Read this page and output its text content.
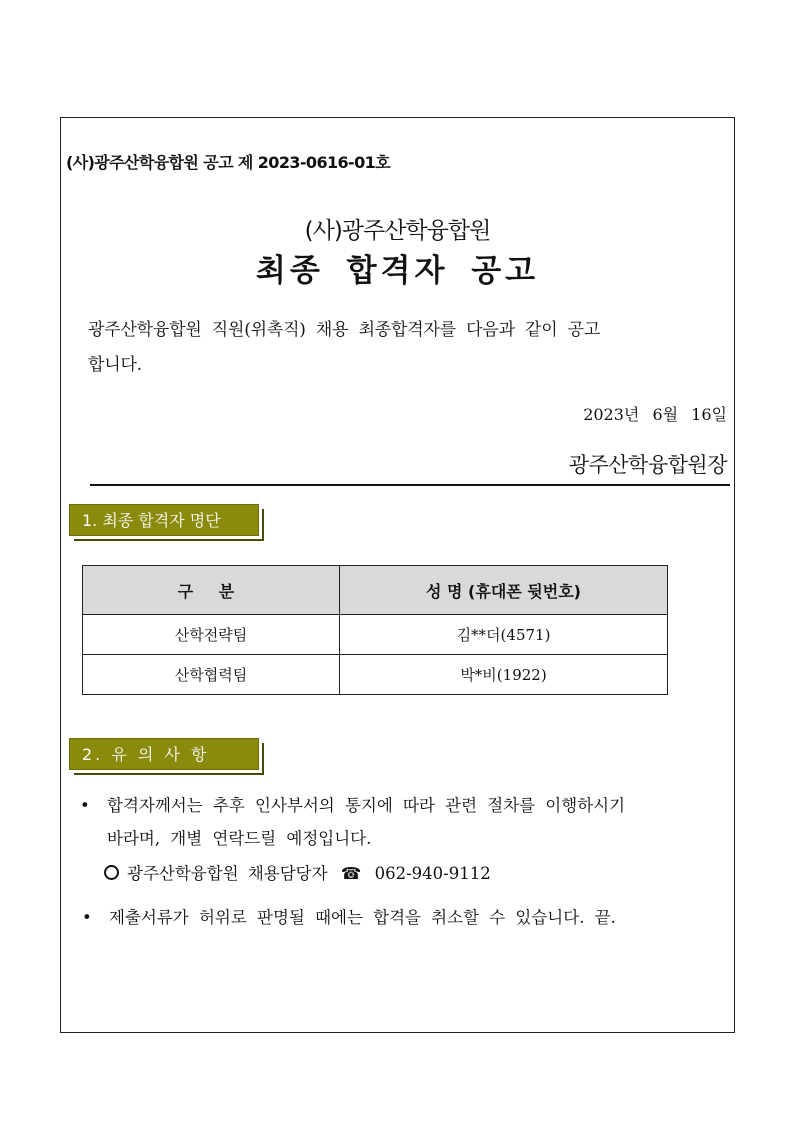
(사)광주산학융합원 공고 제 2023-0616-01호
(사)광주산학융합원
최종 합격자 공고
광주산학융합원 직원(위촉직) 채용 최종합격자를 다음과 같이 공고
합니다.
2023년 6월 16일
광주산학융합원장
1. 최종 합격자 명단
구 분	성 명 (휴대폰 뒷번호)
산학전략팀	김**더(4571)
산학협력팀	박*비(1922)
2. 유 의 사 항
• 합격자께서는 추후 인사부서의 통지에 따라 관련 절차를 이행하시기
바라며, 개별 연락드릴 예정입니다.
광주산학융합원 채용담당자 ☎ 062-940-9112
• 제출서류가 허위로 판명될 때에는 합격을 취소할 수 있습니다. 끝.
